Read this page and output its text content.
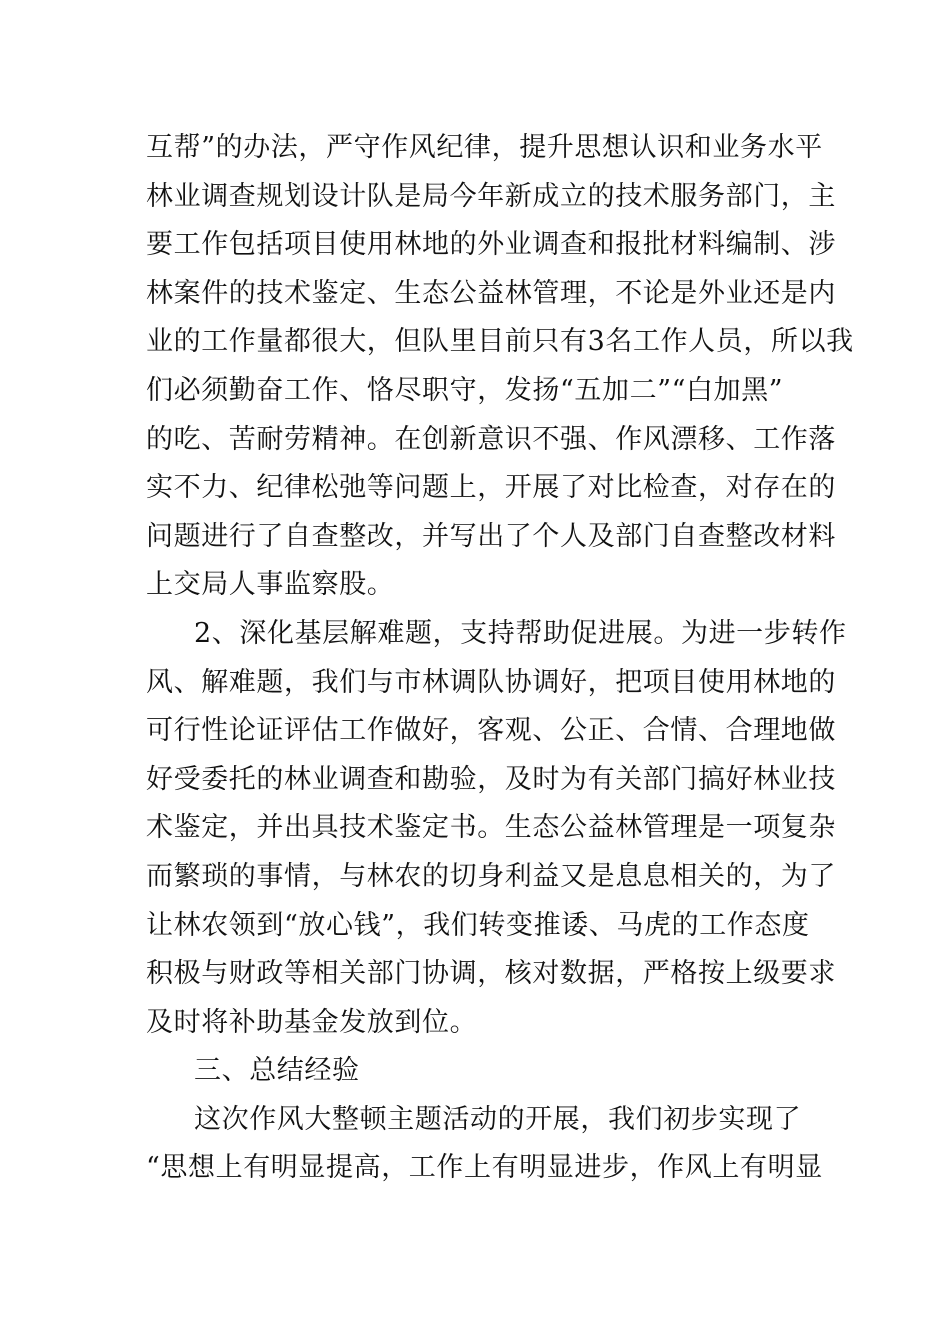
互帮”的办法，严守作风纪律，提升思想认识和业务水平
林业调查规划设计队是局今年新成立的技术服务部门，主
要工作包括项目使用林地的外业调查和报批材料编制、涉
林案件的技术鉴定、生态公益林管理，不论是外业还是内
业的工作量都很大，但队里目前只有3名工作人员，所以我
们必须勤奋工作、恪尽职守，发扬“五加二”“白加黑”
的吃、苦耐劳精神。在创新意识不强、作风漂移、工作落
实不力、纪律松弛等问题上，开展了对比检查，对存在的
问题进行了自查整改，并写出了个人及部门自查整改材料
上交局人事监察股。
2、深化基层解难题，支持帮助促进展。为进一步转作
风、解难题，我们与市林调队协调好，把项目使用林地的
可行性论证评估工作做好，客观、公正、合情、合理地做
好受委托的林业调查和勘验，及时为有关部门搞好林业技
术鉴定，并出具技术鉴定书。生态公益林管理是一项复杂
而繁琐的事情，与林农的切身利益又是息息相关的，为了
让林农领到“放心钱”，我们转变推诿、马虎的工作态度
积极与财政等相关部门协调，核对数据，严格按上级要求
及时将补助基金发放到位。
三、总结经验
这次作风大整顿主题活动的开展，我们初步实现了
“思想上有明显提高，工作上有明显进步，作风上有明显
